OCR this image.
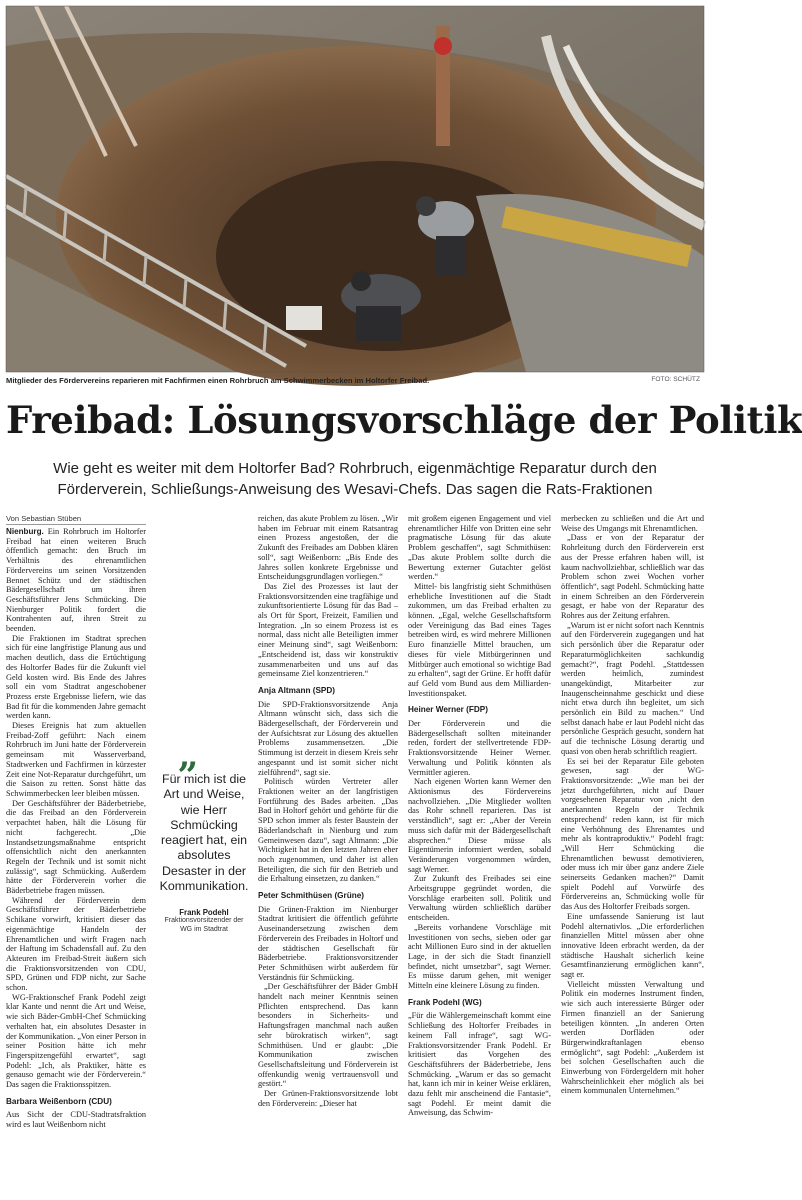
Mitglieder des Fördervereins reparieren mit Fachfirmen einen Rohrbruch am Schwimmerbecken im Holtorfer Freibad.	FOTO: SCHÜTZ
Freibad: Lösungsvorschläge der Politik
Wie geht es weiter mit dem Holtorfer Bad? Rohrbruch, eigenmächtige Reparatur durch den Förderverein, Schließungs-Anweisung des Wesavi-Chefs. Das sagen die Rats-Fraktionen
Von Sebastian Stüben

Nienburg. Ein Rohrbruch im Holtorfer Freibad hat einen weiteren Bruch öffentlich gemacht: den Bruch im Verhältnis des ehrenamtlichen Fördervereins um seinen Vorsitzenden Bennet Schütz und der städtischen Bädergesellschaft um ihren Geschäftsführer Jens Schmücking. Die Nienburger Politik fordert die Kontrahenten auf, ihren Streit zu beenden.

Die Fraktionen im Stadtrat sprechen sich für eine langfristige Planung aus und machen deutlich, dass die Ertüchtigung des Holtorfer Bades für die Zukunft viel Geld kosten wird. Bis Ende des Jahres soll ein vom Stadtrat angeschobener Prozess erste Ergebnisse liefern, wie das Bad fit für die kommenden Jahre gemacht werden kann.

Dieses Ereignis hat zum aktuellen Freibad-Zoff geführt: Nach einem Rohrbruch im Juni hatte der Förderverein gemeinsam mit Wasserverband, Stadtwerken und Fachfirmen in kürzester Zeit eine Not-Reparatur durchgeführt, um die Saison zu retten. Sonst hätte das Schwimmerbecken leer bleiben müssen.

Der Geschäftsführer der Bäderbetriebe, die das Freibad an den Förderverein verpachtet haben, hält die Lösung für nicht fachgerecht. „Die Instandsetzungsmaßnahme entspricht offensichtlich nicht den anerkannten Regeln der Technik und ist somit nicht zulässig“, sagt Schmücking. Außerdem hätte der Förderverein vorher die Bäderbetriebe fragen müssen.

Während der Förderverein dem Geschäftsführer der Bäderbetriebe Schikane vorwirft, kritisiert dieser das eigenmächtige Handeln der Ehrenamtlichen und wirft Fragen nach der Haftung im Schadensfall auf. Zu den Akteuren im Freibad-Streit äußern sich die Fraktionsvorsitzenden von CDU, SPD, Grünen und FDP nicht, zur Sache schon.

WG-Fraktionschef Frank Podehl zeigt klar Kante und nennt die Art und Weise, wie sich Bäder-GmbH-Chef Schmücking verhalten hat, ein absolutes Desaster in der Kommunikation. „Von einer Person in seiner Position hätte ich mehr Fingerspitzengefühl erwartet“, sagt Podehl: „Ich, als Praktiker, hätte es genauso gemacht wie der Förderverein.“ Das sagen die Fraktionsspitzen.

Barbara Weißenborn (CDU)

Aus Sicht der CDU-Stadtratsfraktion wird es laut Weißenborn nicht

„
Für mich ist die Art und Weise, wie Herr Schmücking reagiert hat, ein absolutes Desaster in der Kommunikation.
Frank Podehl
Fraktionsvorsitzender der WG im Stadtrat

reichen, das akute Problem zu lösen. „Wir haben im Februar mit einem Ratsantrag einen Prozess angestoßen, der die Zukunft des Freibades am Dobben klären soll“, sagt Weißenborn: „Bis Ende des Jahres sollen konkrete Ergebnisse und Entscheidungsgrundlagen vorliegen.“

Das Ziel des Prozesses ist laut der Fraktionsvorsitzenden eine tragfähige und zukunftsorientierte Lösung für das Bad – als Ort für Sport, Freizeit, Familien und Integration. „In so einem Prozess ist es normal, dass nicht alle Beteiligten immer einer Meinung sind“, sagt Weißenborn: „Entscheidend ist, dass wir konstruktiv zusammenarbeiten und uns auf das gemeinsame Ziel konzentrieren.“

Anja Altmann (SPD)

Die SPD-Fraktionsvorsitzende Anja Altmann wünscht sich, dass sich die Bädergesellschaft, der Förderverein und der Aufsichtsrat zur Lösung des aktuellen Problems zusammensetzen. „Die Stimmung ist derzeit in diesem Kreis sehr angespannt und ist somit sicher nicht zielführend“, sagt sie.

Politisch würden Vertreter aller Fraktionen weiter an der langfristigen Fortführung des Bades arbeiten. „Das Bad in Holtorf gehört und gehörte für die SPD schon immer als fester Baustein der Bäderlandschaft in Nienburg und zum Gemeinwesen dazu“, sagt Altmann: „Die Wichtigkeit hat in den letzten Jahren eher noch zugenommen, und daher ist allen Beteiligten, die sich für den Betrieb und die Erhaltung einsetzen, zu danken.“

Peter Schmithüsen (Grüne)

Die Grünen-Fraktion im Nienburger Stadtrat kritisiert die öffentlich geführte Auseinandersetzung zwischen dem Förderverein des Freibades in Holtorf und der städtischen Gesellschaft für Bäderbetriebe. Fraktionsvorsitzender Peter Schmithüsen wirbt außerdem für Verständnis für Schmücking.

„Der Geschäftsführer der Bäder GmbH handelt nach meiner Kenntnis seinen Pflichten entsprechend. Das kann besonders in Sicherheits- und Haftungsfragen manchmal nach außen sehr bürokratisch wirken“, sagt Schmithüsen. Und er glaubt: „Die Kommunikation zwischen Gesellschaftsleitung und Förderverein ist offenkundig wenig vertrauensvoll und gestört.“

Der Grünen-Fraktionsvorsitzende lobt den Förderverein: „Dieser hat

mit großem eigenen Engagement und viel ehrenamtlicher Hilfe von Dritten eine sehr pragmatische Lösung für das akute Problem geschaffen“, sagt Schmithüsen: „Das akute Problem sollte durch die Bewertung externer Gutachter gelöst werden.“

Mittel- bis langfristig sieht Schmithüsen erhebliche Investitionen auf die Stadt zukommen, um das Freibad erhalten zu können. „Egal, welche Gesellschaftsform oder Vereinigung das Bad eines Tages betreiben wird, es wird mehrere Millionen Euro finanzielle Mittel brauchen, um dieses für viele Mitbürgerinnen und Mitbürger auch emotional so wichtige Bad zu erhalten“, sagt der Grüne. Er hofft dafür auf Geld vom Bund aus dem Milliarden-Investitionspaket.

Heiner Werner (FDP)

Der Förderverein und die Bädergesellschaft sollten miteinander reden, fordert der stellvertretende FDP-Fraktionsvorsitzende Heiner Werner. Verwaltung und Politik könnten als Vermittler agieren.

Nach eigenen Worten kann Werner den Aktionismus des Fördervereins nachvollziehen. „Die Mitglieder wollten das Rohr schnell reparieren. Das ist verständlich“, sagt er: „Aber der Verein muss sich dafür mit der Bädergesellschaft absprechen.“ Diese müsse als Eigentümerin informiert werden, sobald Veränderungen vorgenommen würden, sagt Werner.

Zur Zukunft des Freibades sei eine Arbeitsgruppe gegründet worden, die Vorschläge erarbeiten soll. Politik und Verwaltung würden schließlich darüber entscheiden.

„Bereits vorhandene Vorschläge mit Investitionen von sechs, sieben oder gar acht Millionen Euro sind in der aktuellen Lage, in der sich die Stadt finanziell befindet, nicht umsetzbar“, sagt Werner. Es müsse darum gehen, mit weniger Mitteln eine kleinere Lösung zu finden.

Frank Podehl (WG)

„Für die Wählergemeinschaft kommt eine Schließung des Holtorfer Freibades in keinem Fall infrage“, sagt WG-Fraktionsvorsitzender Frank Podehl. Er kritisiert das Vorgehen des Geschäftsführers der Bäderbetriebe, Jens Schmücking. „Warum er das so gemacht hat, kann ich mir in keiner Weise erklären, dazu fehlt mir anscheinend die Fantasie“, sagt Podehl. Er meint damit die Anweisung, das Schwim-

merbecken zu schließen und die Art und Weise des Umgangs mit Ehrenamtlichen.

„Dass er von der Reparatur der Rohrleitung durch den Förderverein erst aus der Presse erfahren haben will, ist kaum nachvollziehbar, schließlich war das Problem schon zwei Wochen vorher öffentlich“, sagt Podehl. Schmücking hatte in einem Schreiben an den Förderverein gesagt, er habe von der Reparatur des Rohres aus der Zeitung erfahren.

„Warum ist er nicht sofort nach Kenntnis auf den Förderverein zugegangen und hat sich persönlich über die Reparatur oder Reparaturmöglichkeiten sachkundig gemacht?“, fragt Podehl. „Stattdessen werden heimlich, zumindest unangekündigt, Mitarbeiter zur Inaugenscheinnahme geschickt und diese nicht etwa durch ihn begleitet, um sich persönlich ein Bild zu machen.“ Und selbst danach habe er laut Podehl nicht das persönliche Gespräch gesucht, sondern hat auf die technische Lösung derartig und quasi von oben herab schriftlich reagiert.

Es sei bei der Reparatur Eile geboten gewesen, sagt der WG-Fraktionsvorsitzende: „Wie man bei der jetzt durchgeführten, nicht auf Dauer vorgesehenen Reparatur von ‚nicht den anerkannten Regeln der Technik entsprechend‘ reden kann, ist für mich eine Verhöhnung des Ehrenamtes und mehr als kontraproduktiv.“ Podehl fragt: „Will Herr Schmücking die Ehrenamtlichen bewusst demotivieren, oder muss ich mir über ganz andere Ziele seinerseits Gedanken machen?“ Damit spielt Podehl auf Vorwürfe des Fördervereins an, Schmücking wolle für das Aus des Holtorfer Freibads sorgen.

Eine umfassende Sanierung ist laut Podehl alternativlos. „Die erforderlichen finanziellen Mittel müssen aber ohne innovative Ideen erbracht werden, da der städtische Haushalt sicherlich keine Gesamtfinanzierung ermöglichen kann“, sagt er.

Vielleicht müssten Verwaltung und Politik ein modernes Instrument finden, wie sich auch interessierte Bürger oder Firmen finanziell an der Sanierung beteiligen könnten. „In anderen Orten werden Dorfläden oder Bürgerwindkraftanlagen ebenso ermöglicht“, sagt Podehl: „Außerdem ist bei solchen Gesellschaften auch die Einwerbung von Fördergeldern mit hoher Wahrscheinlichkeit eher möglich als bei einem kommunalen Unternehmen.“
